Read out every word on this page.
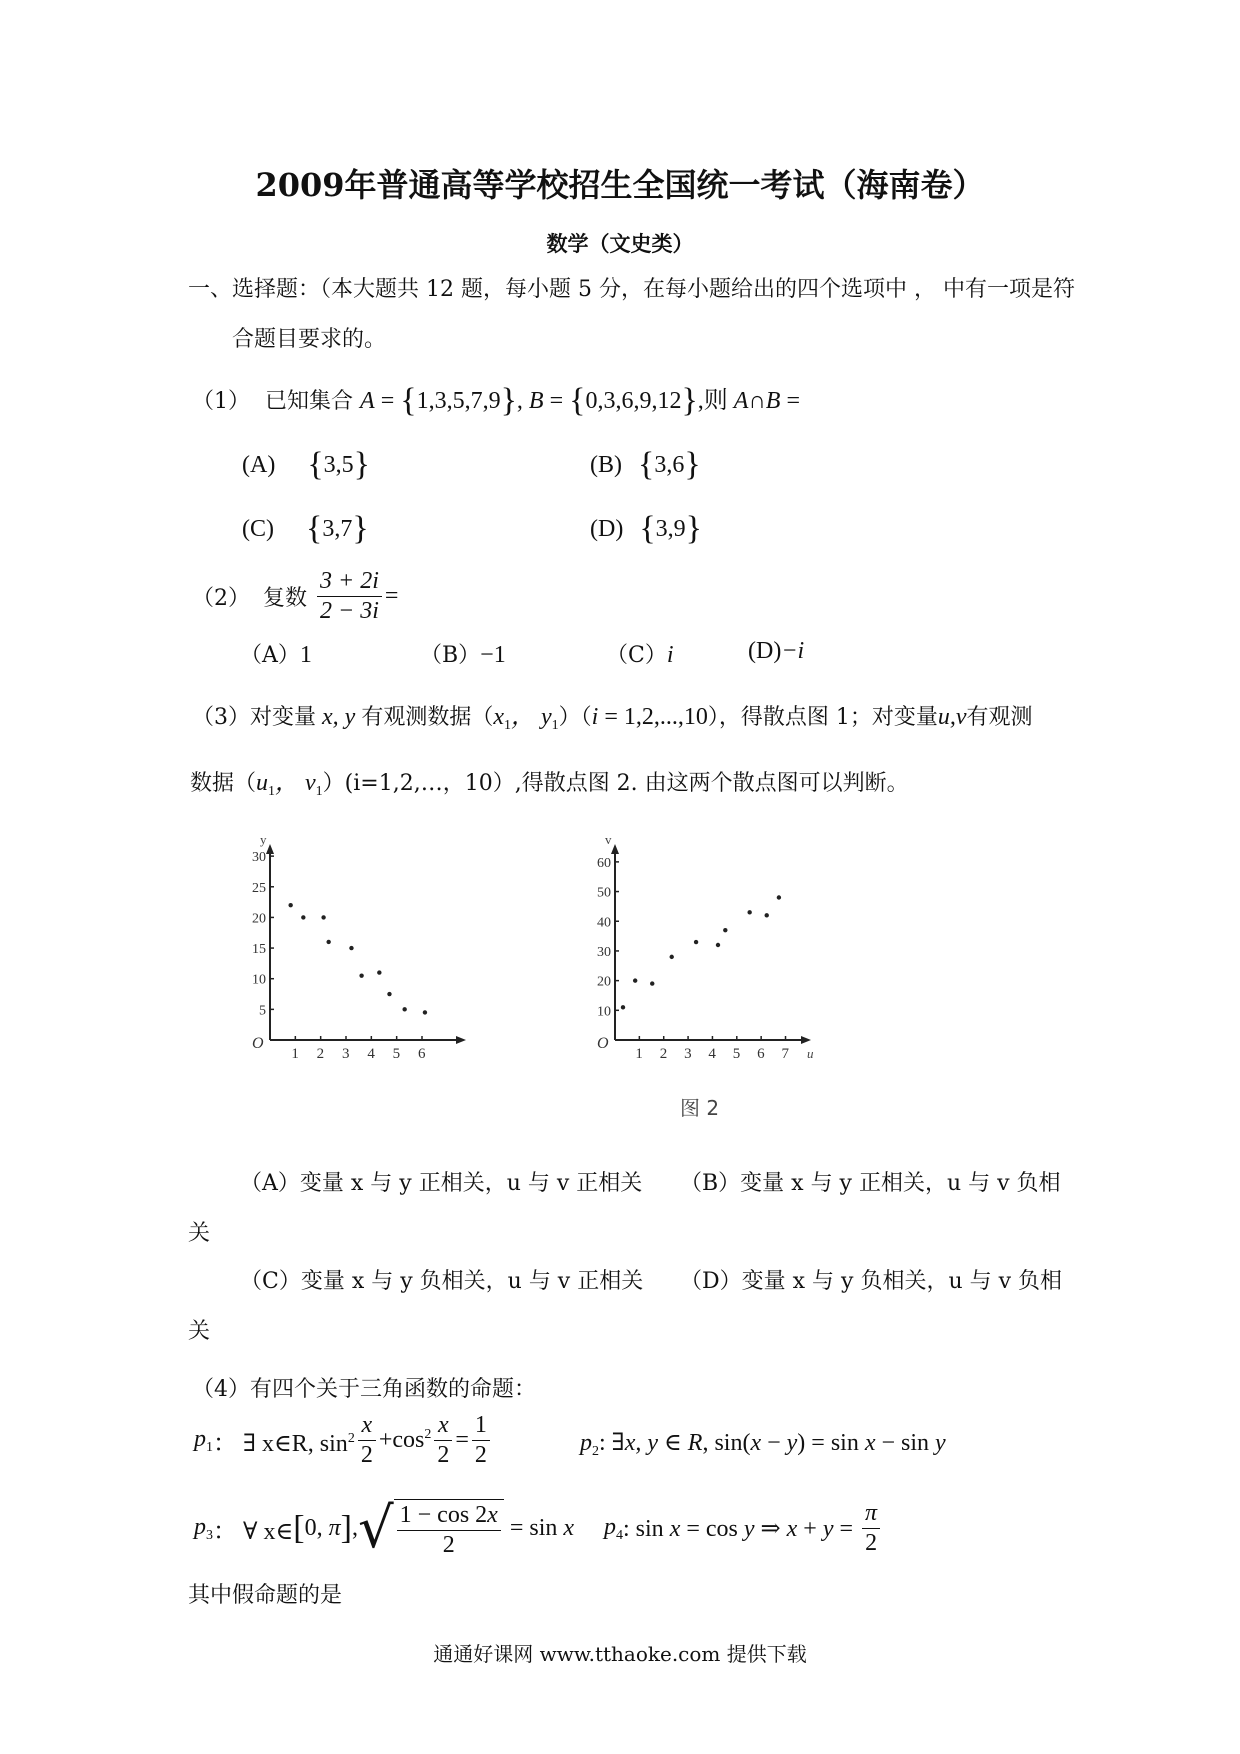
2009年普通高等学校招生全国统一考试（海南卷）
数学（文史类）
一、选择题：（本大题共 12 题，每小题 5 分，在每小题给出的四个选项中 ， 中有一项是符
合题目要求的。
（1） 已知集合 A = {1,3,5,7,9}, B = {0,3,6,9,12},则 A∩B =
(A) {3,5}	(B) {3,6}
(C) {3,7}	(D) {3,9}
（2） 复数 $\frac{3 + 2i}{2 - 3i}$ =
（A）1	（B）−1	（C）i	(D)−i
（3）对变量 x, y 有观测数据（$x_1$， $y_1)(i = 1,2,...,10)$，得散点图 1；对变量u,v有观测
数据（$u_1$， $v_1)(i=1,2,\dots$，10）,得散点图 2. 由这两个散点图可以判断。
O
y
1 2 3 4 5 6
5
10
15
20
25
30
O
v
u
1 2 3 4 5 6 7
10
20
30
40
50
60
图 2
（A）变量 x 与 y 正相关，u 与 v 正相关 （B）变量 x 与 y 正相关，u 与 v 负相
关
（C）变量 x 与 y 负相关，u 与 v 正相关 （D）变量 x 与 y 负相关，u 与 v 负相
关
（4）有四个关于三角函数的命题：
$p_1$： ∃ x∈R, $\sin^2 \frac{x}{2} +\cos^2 \frac{x}{2} = \frac{1}{2}$	$p_2$: ∃x, y ∈ R, sin(x − y) = sin x − sin y
$p_3$： ∀ x∈[0, $\pi],√ \frac{1 - \cos 2x}{2} = \sin x$ $p_4$: sin x = cos y ⇒ $x + y = \frac{\pi}{2}$
其中假命题的是
通通好课网 www.tthaoke.com 提供下载
